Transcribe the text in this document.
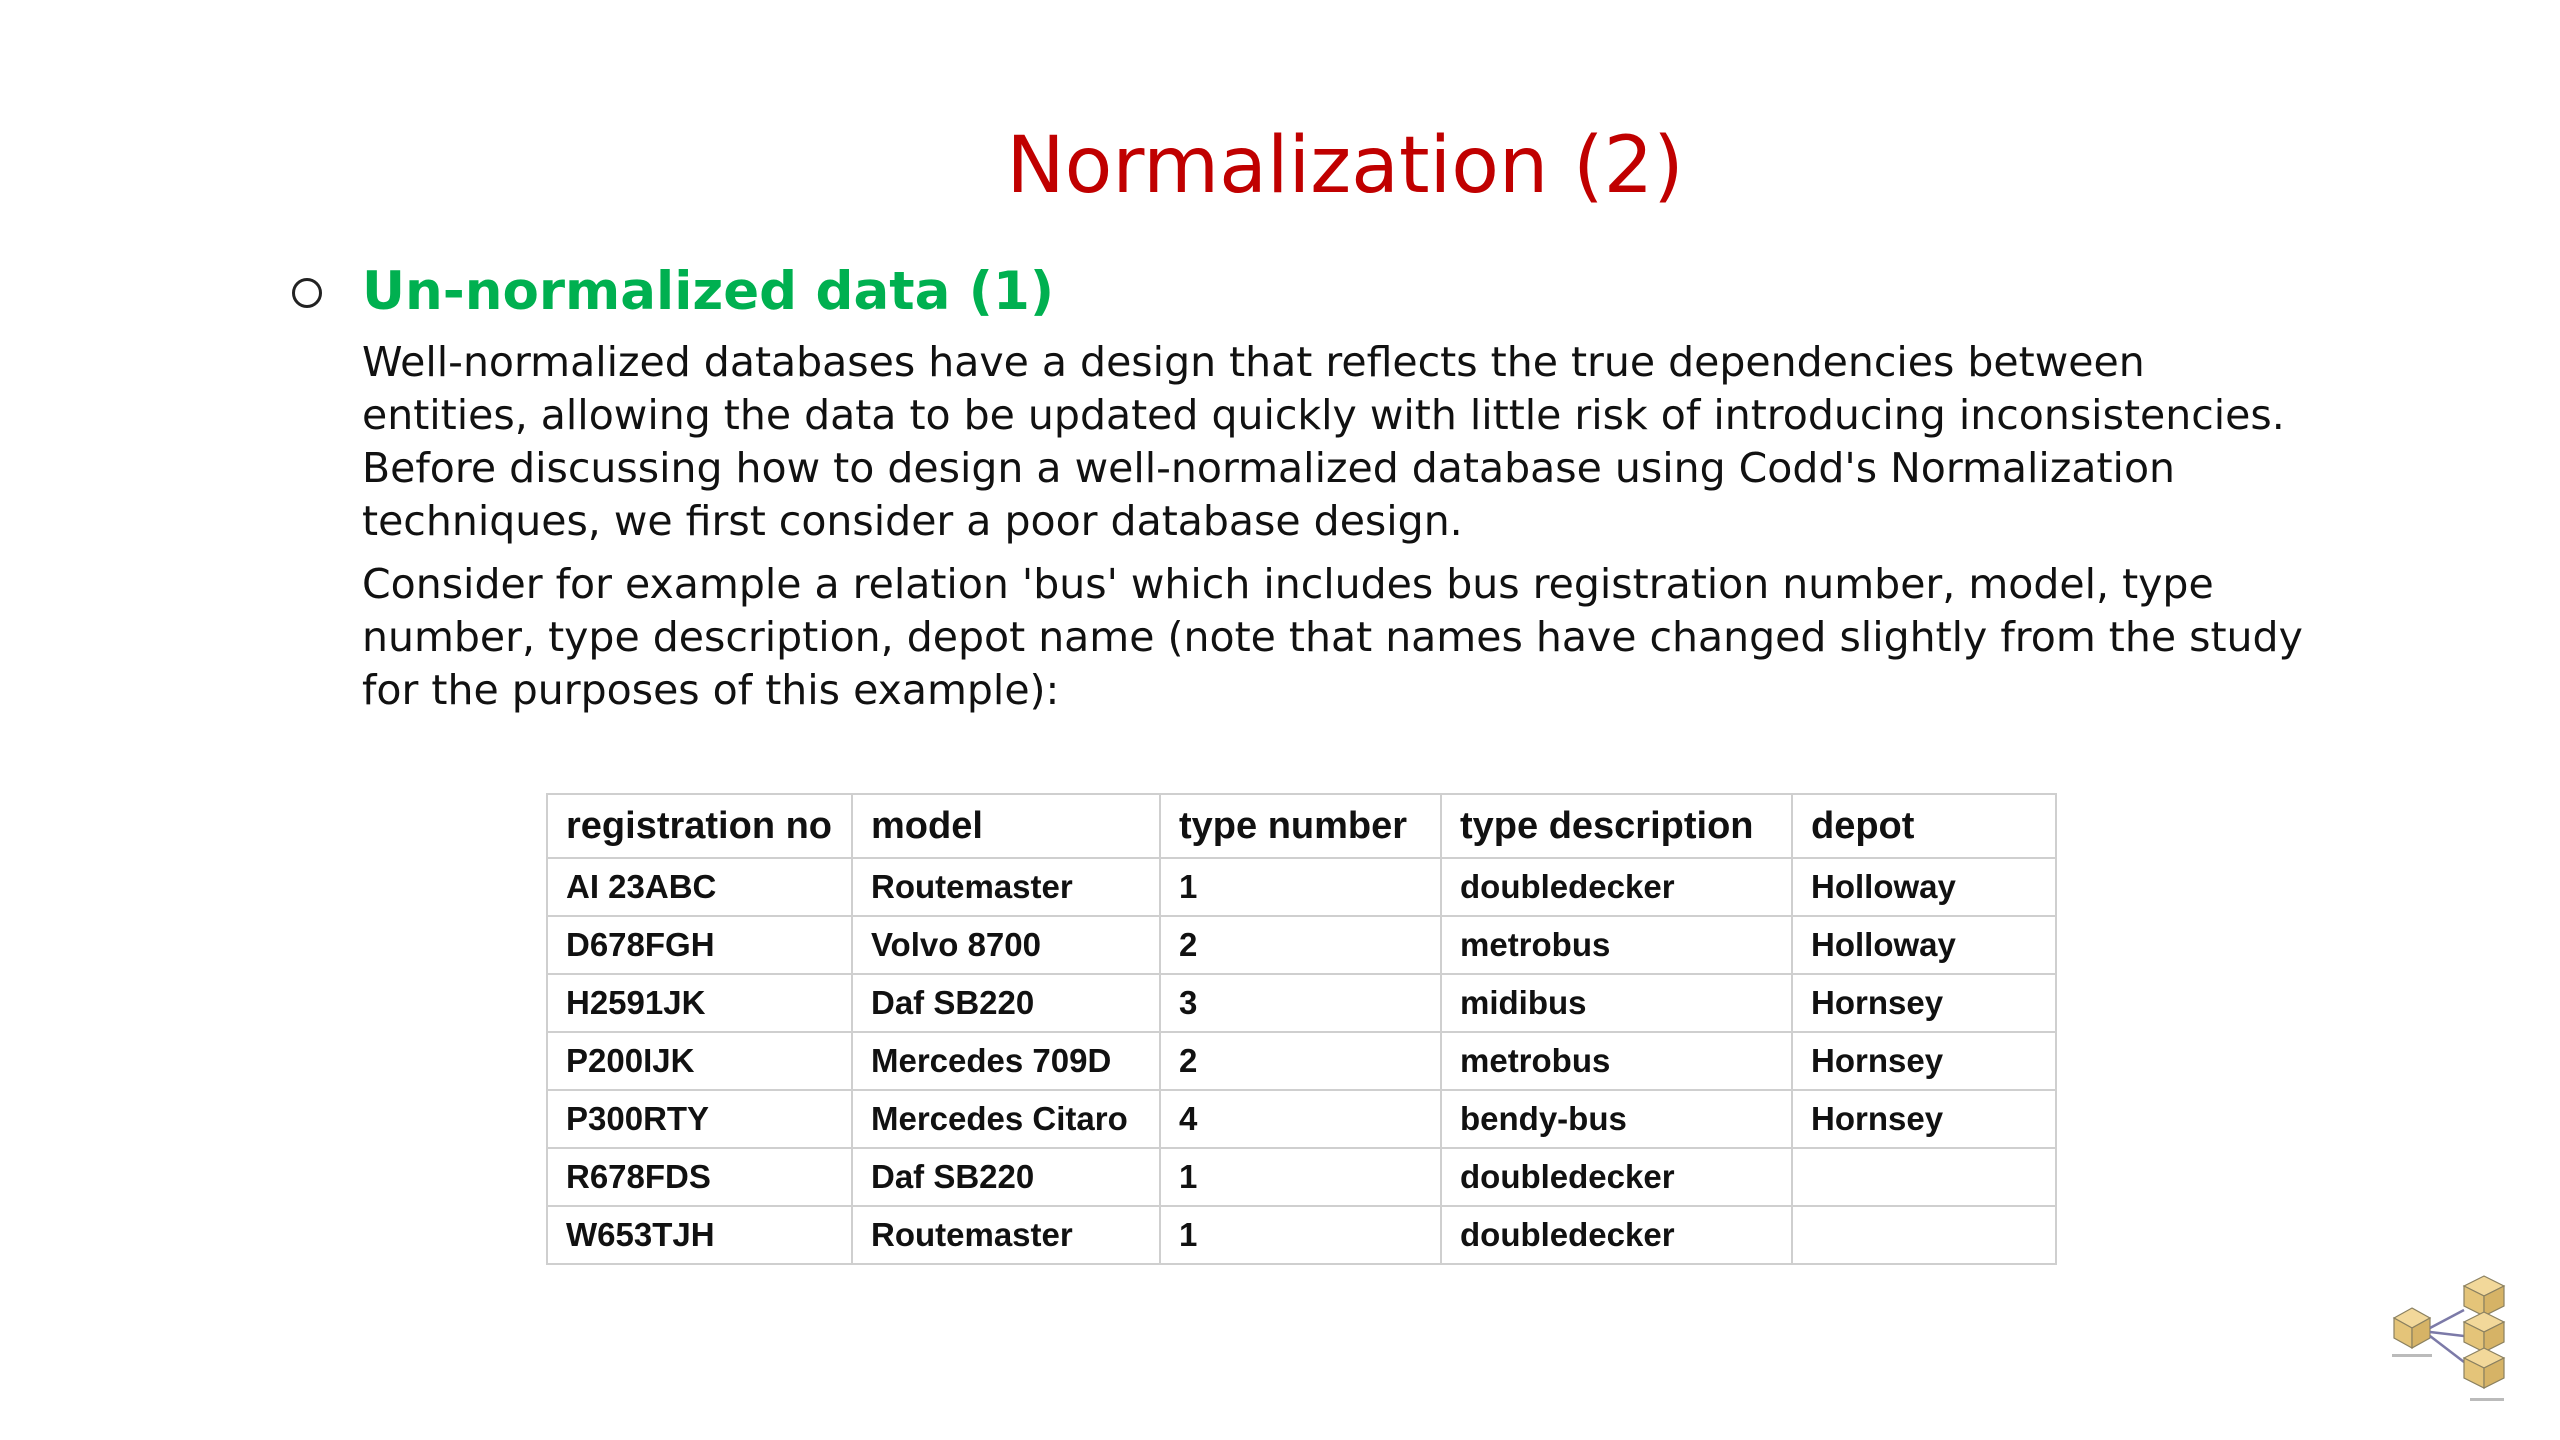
Normalization (2)
Un-normalized data (1)

Well-normalized databases have a design that reflects the true dependencies between entities, allowing the data to be updated quickly with little risk of introducing inconsistencies. Before discussing how to design a well-normalized database using Codd's Normalization techniques, we first consider a poor database design.

Consider for example a relation 'bus' which includes bus registration number, model, type number, type description, depot name (note that names have changed slightly from the study for the purposes of this example):

registration no	model	type number	type description	depot
AI 23ABC	Routemaster	1	doubledecker	Holloway
D678FGH	Volvo 8700	2	metrobus	Holloway
H2591JK	Daf SB220	3	midibus	Hornsey
P200IJK	Mercedes 709D	2	metrobus	Hornsey
P300RTY	Mercedes Citaro	4	bendy-bus	Hornsey
R678FDS	Daf SB220	1	doubledecker	
W653TJH	Routemaster	1	doubledecker	
